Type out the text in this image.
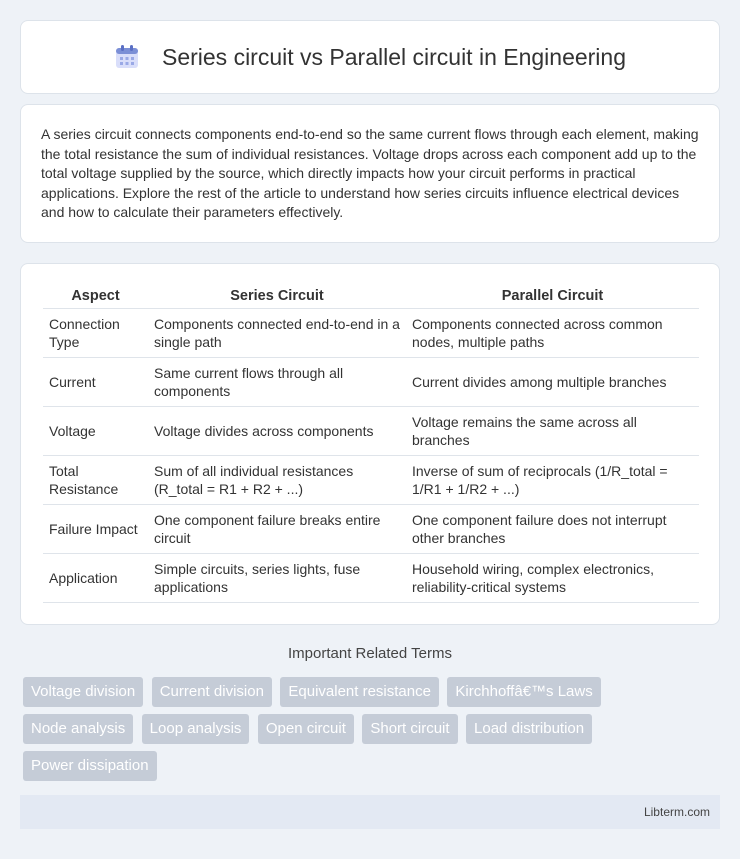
Series circuit vs Parallel circuit in Engineering

A series circuit connects components end-to-end so the same current flows through each element, making the total resistance the sum of individual resistances. Voltage drops across each component add up to the total voltage supplied by the source, which directly impacts how your circuit performs in practical applications. Explore the rest of the article to understand how series circuits influence electrical devices and how to calculate their parameters effectively.

Aspect	Series Circuit	Parallel Circuit
Connection Type	Components connected end-to-end in a single path	Components connected across common nodes, multiple paths
Current	Same current flows through all components	Current divides among multiple branches
Voltage	Voltage divides across components	Voltage remains the same across all branches
Total Resistance	Sum of all individual resistances (R_total = R1 + R2 + ...)	Inverse of sum of reciprocals (1/R_total = 1/R1 + 1/R2 + ...)
Failure Impact	One component failure breaks entire circuit	One component failure does not interrupt other branches
Application	Simple circuits, series lights, fuse applications	Household wiring, complex electronics, reliability-critical systems
Important Related Terms
Voltage division Current division Equivalent resistance Kirchhoffâ€™s Laws Node analysis Loop analysis Open circuit Short circuit Load distribution Power dissipation
Libterm.com
